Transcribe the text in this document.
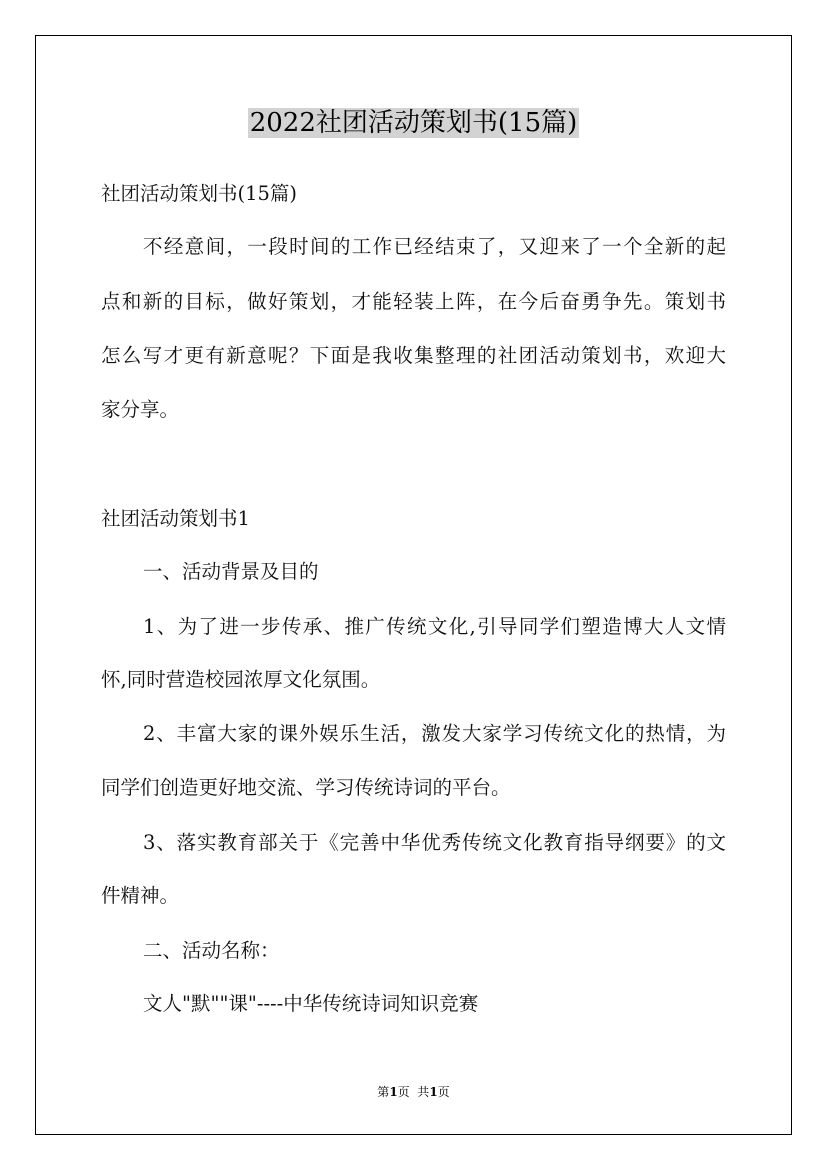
2022社团活动策划书(15篇)
社团活动策划书(15篇)
不经意间，一段时间的工作已经结束了，又迎来了一个全新的起
点和新的目标，做好策划，才能轻装上阵，在今后奋勇争先。策划书
怎么写才更有新意呢？下面是我收集整理的社团活动策划书，欢迎大
家分享。
社团活动策划书1
一、活动背景及目的
1、为了进一步传承、推广传统文化,引导同学们塑造博大人文情
怀,同时营造校园浓厚文化氛围。
2、丰富大家的课外娱乐生活，激发大家学习传统文化的热情，为
同学们创造更好地交流、学习传统诗词的平台。
3、落实教育部关于《完善中华优秀传统文化教育指导纲要》的文
件精神。
二、活动名称：
文人"默""课"----中华传统诗词知识竞赛
第1页  共1页
